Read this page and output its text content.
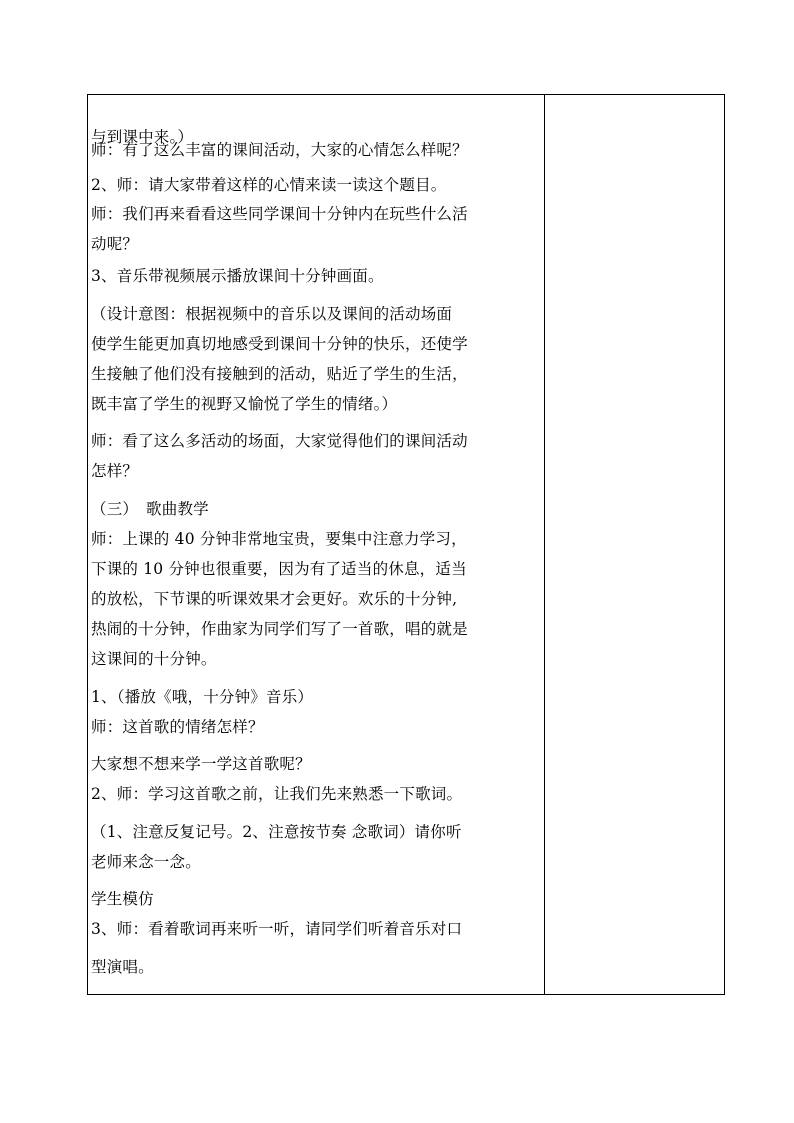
与到课中来。）
师：有了这么丰富的课间活动，大家的心情怎么样呢？
2、师：请大家带着这样的心情来读一读这个题目。
师：我们再来看看这些同学课间十分钟内在玩些什么活
动呢？
3、音乐带视频展示播放课间十分钟画面。
（设计意图：根据视频中的音乐以及课间的活动场面
使学生能更加真切地感受到课间十分钟的快乐，还使学
生接触了他们没有接触到的活动，贴近了学生的生活，
既丰富了学生的视野又愉悦了学生的情绪。）
师：看了这么多活动的场面，大家觉得他们的课间活动
怎样？
（三）　歌曲教学
师：上课的 40 分钟非常地宝贵，要集中注意力学习，
下课的 10 分钟也很重要，因为有了适当的休息，适当
的放松，下节课的听课效果才会更好。欢乐的十分钟,
热闹的十分钟，作曲家为同学们写了一首歌，唱的就是
这课间的十分钟。
1、（播放《哦，十分钟》音乐）
师：这首歌的情绪怎样？
大家想不想来学一学这首歌呢？
2、师：学习这首歌之前，让我们先来熟悉一下歌词。
（1、注意反复记号。2、注意按节奏 念歌词）请你听
老师来念一念。
学生模仿
3、师：看着歌词再来听一听，请同学们听着音乐对口
型演唱。
